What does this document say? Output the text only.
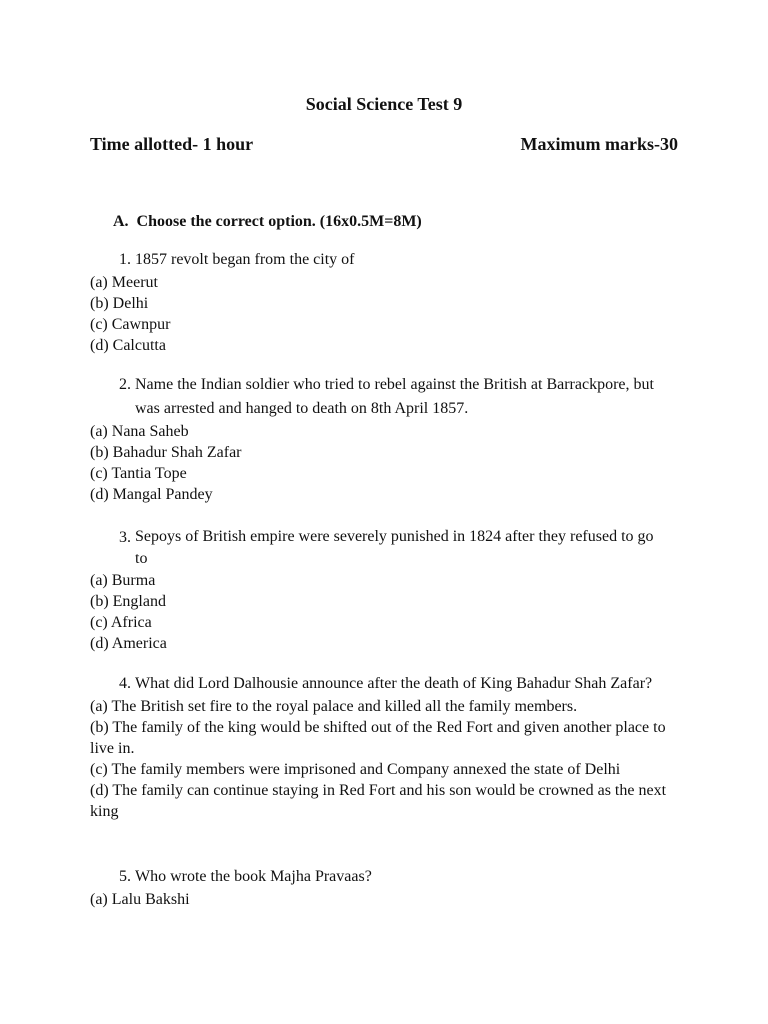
Social Science Test 9
Time allotted- 1 hour	Maximum marks-30
A.  Choose the correct option. (16x0.5M=8M)
1. 1857 revolt began from the city of
(a) Meerut
(b) Delhi
(c) Cawnpur
(d) Calcutta
2. Name the Indian soldier who tried to rebel against the British at Barrackpore, but was arrested and hanged to death on 8th April 1857.
(a) Nana Saheb
(b) Bahadur Shah Zafar
(c) Tantia Tope
(d) Mangal Pandey
3. Sepoys of British empire were severely punished in 1824 after they refused to go to
(a) Burma
(b) England
(c) Africa
(d) America
4. What did Lord Dalhousie announce after the death of King Bahadur Shah Zafar?
(a) The British set fire to the royal palace and killed all the family members.
(b) The family of the king would be shifted out of the Red Fort and given another place to live in.
(c) The family members were imprisoned and Company annexed the state of Delhi
(d) The family can continue staying in Red Fort and his son would be crowned as the next king
5. Who wrote the book Majha Pravaas?
(a) Lalu Bakshi
